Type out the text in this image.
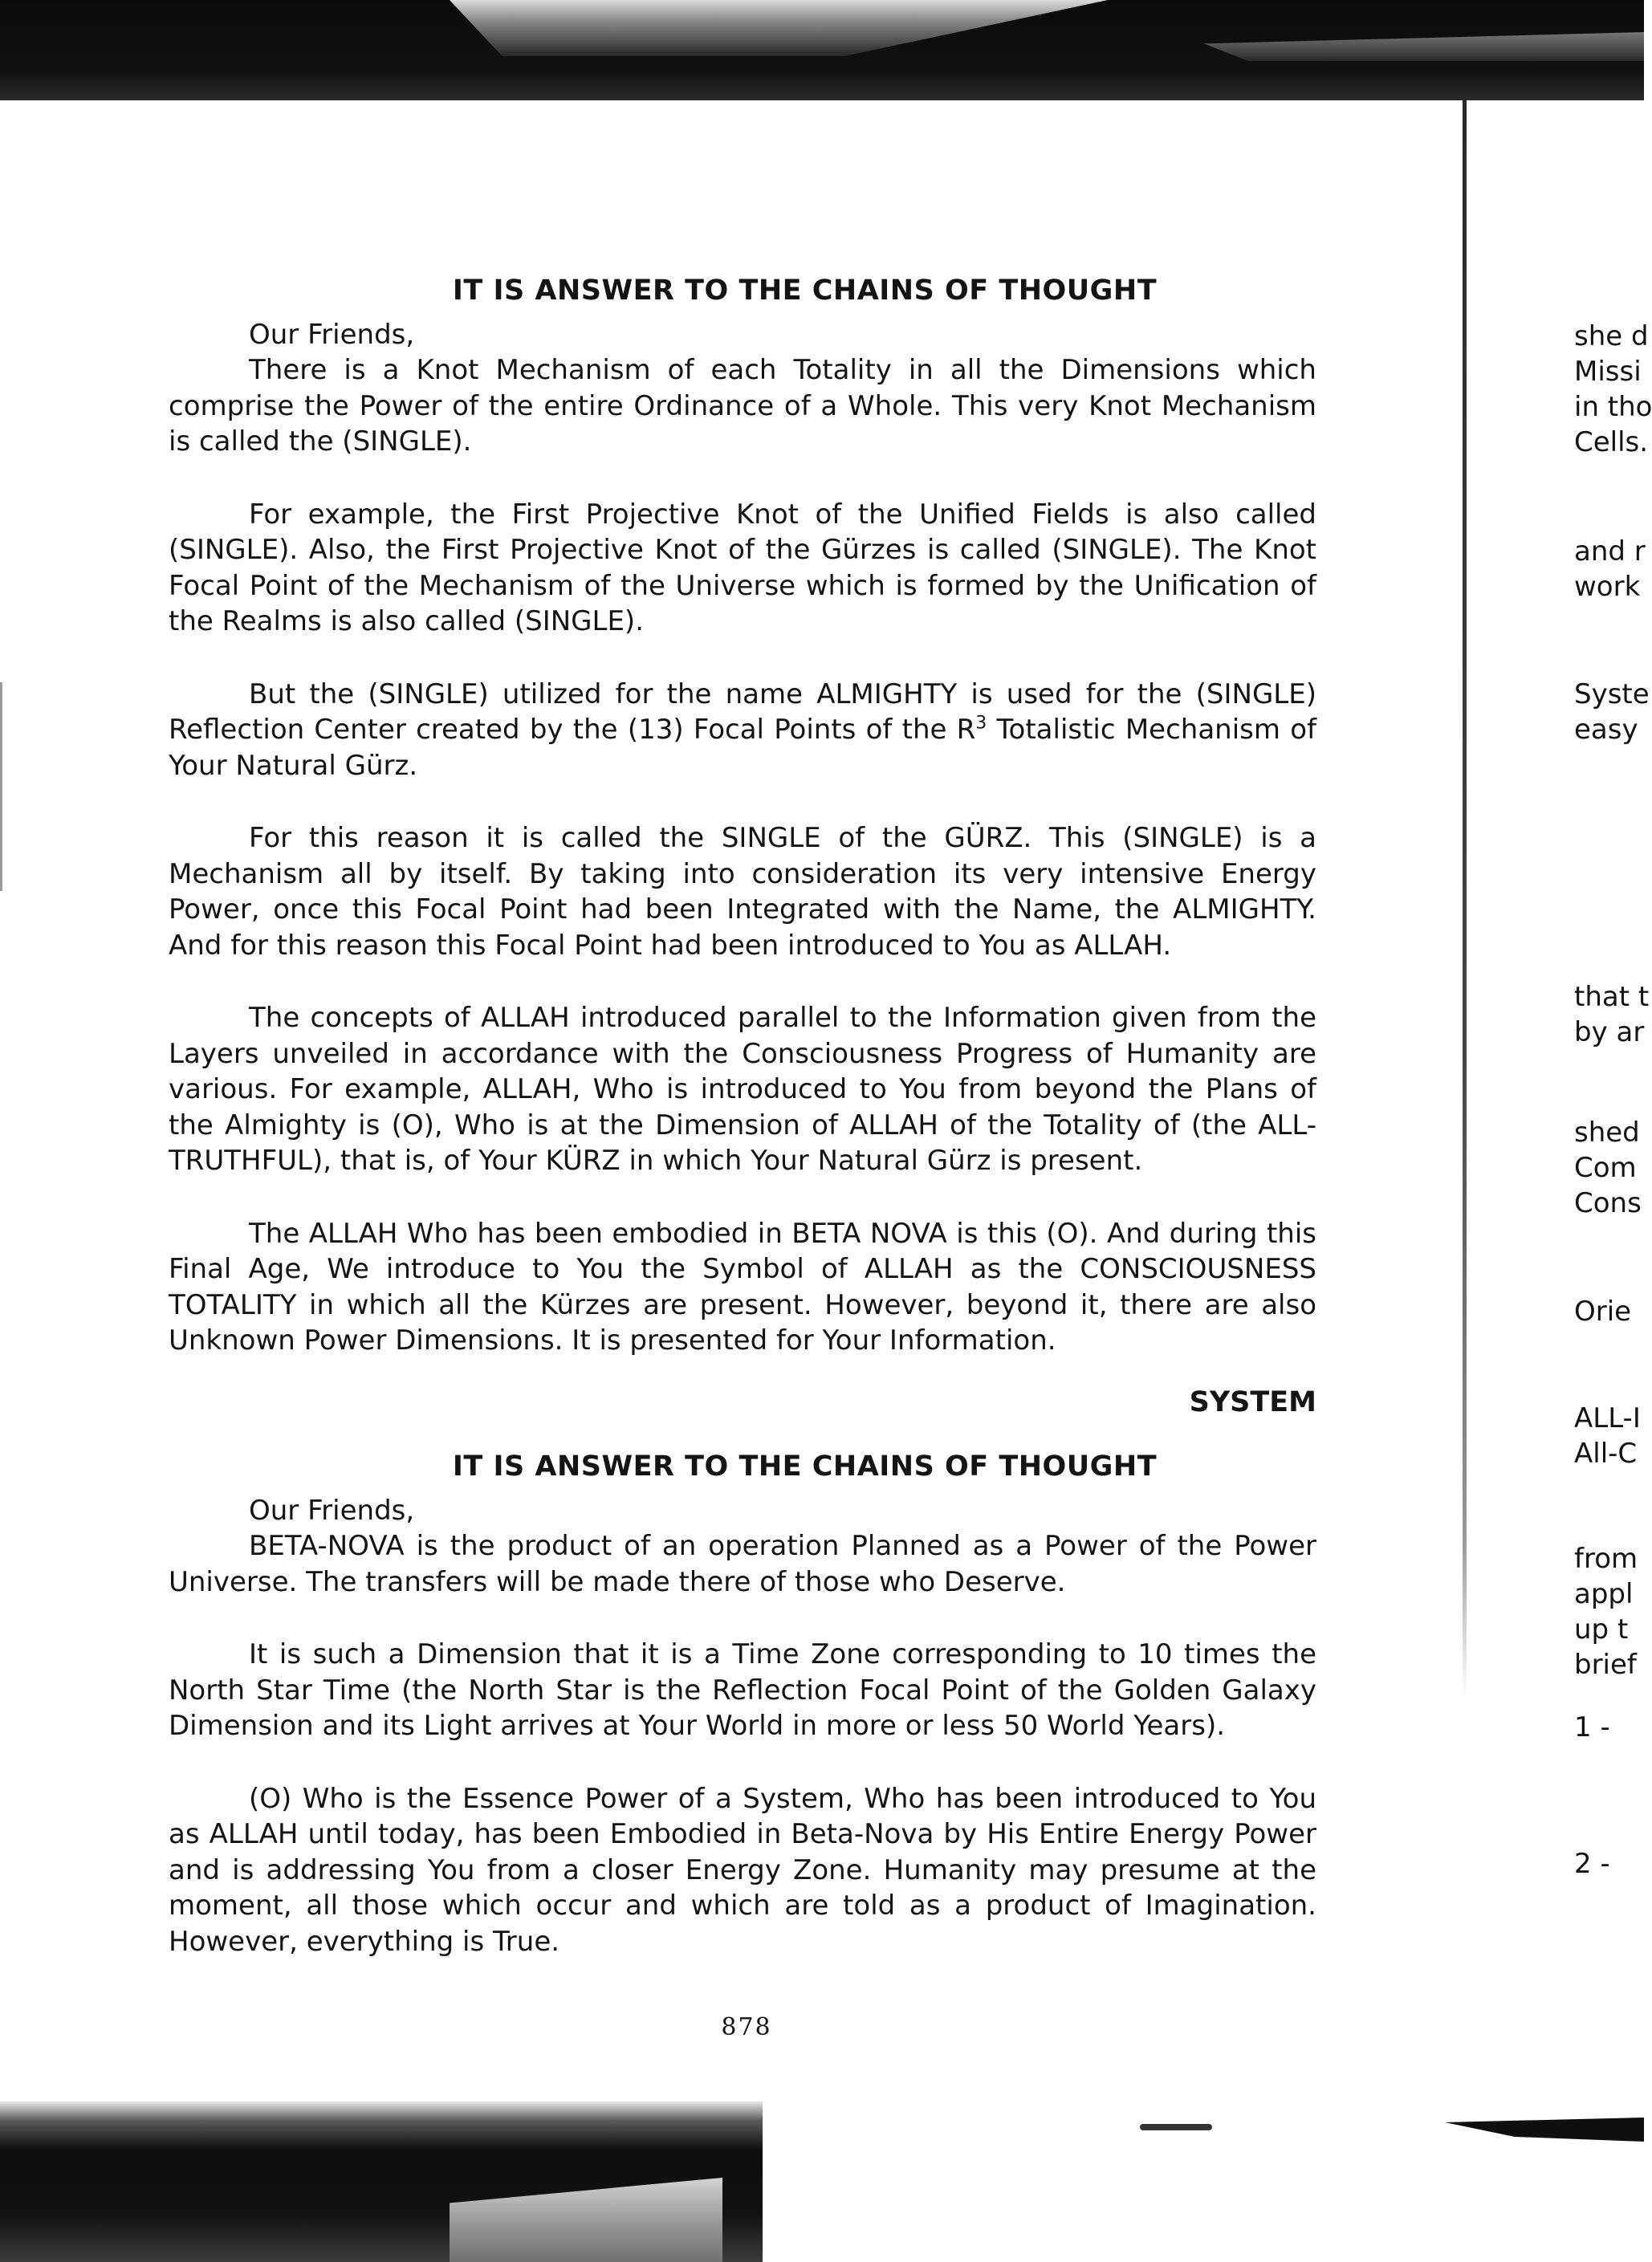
IT IS ANSWER TO THE CHAINS OF THOUGHT

Our Friends,

There is a Knot Mechanism of each Totality in all the Dimensions which comprise the Power of the entire Ordinance of a Whole. This very Knot Mechanism is called the (SINGLE).

For example, the First Projective Knot of the Unified Fields is also called (SINGLE). Also, the First Projective Knot of the Gürzes is called (SINGLE). The Knot Focal Point of the Mechanism of the Universe which is formed by the Unification of the Realms is also called (SINGLE).

But the (SINGLE) utilized for the name ALMIGHTY is used for the (SINGLE) Reflection Center created by the (13) Focal Points of the $R^3$ Totalistic Mechanism of Your Natural Gürz.

For this reason it is called the SINGLE of the GÜRZ. This (SINGLE) is a Mechanism all by itself. By taking into consideration its very intensive Energy Power, once this Focal Point had been Integrated with the Name, the ALMIGHTY. And for this reason this Focal Point had been introduced to You as ALLAH.

The concepts of ALLAH introduced parallel to the Information given from the Layers unveiled in accordance with the Consciousness Progress of Humanity are various. For example, ALLAH, Who is introduced to You from beyond the Plans of the Almighty is (O), Who is at the Dimension of ALLAH of the Totality of (the ALL-TRUTHFUL), that is, of Your KÜRZ in which Your Natural Gürz is present.

The ALLAH Who has been embodied in BETA NOVA is this (O). And during this Final Age, We introduce to You the Symbol of ALLAH as the CONSCIOUSNESS TOTALITY in which all the Kürzes are present. However, beyond it, there are also Unknown Power Dimensions. It is presented for Your Information.

SYSTEM
IT IS ANSWER TO THE CHAINS OF THOUGHT

Our Friends,

BETA-NOVA is the product of an operation Planned as a Power of the Power Universe. The transfers will be made there of those who Deserve.

It is such a Dimension that it is a Time Zone corresponding to 10 times the North Star Time (the North Star is the Reflection Focal Point of the Golden Galaxy Dimension and its Light arrives at Your World in more or less 50 World Years).

(O) Who is the Essence Power of a System, Who has been introduced to You as ALLAH until today, has been Embodied in Beta-Nova by His Entire Energy Power and is addressing You from a closer Energy Zone. Humanity may presume at the moment, all those which occur and which are told as a product of Imagination. However, everything is True.

878
she d
Missi
in tho
Cells.
and r
work
Syste
easy
that t
by ar
shed
Com
Cons
Orie
ALL-I
All-C
from
appl
up t
brief
1 -
2 -
